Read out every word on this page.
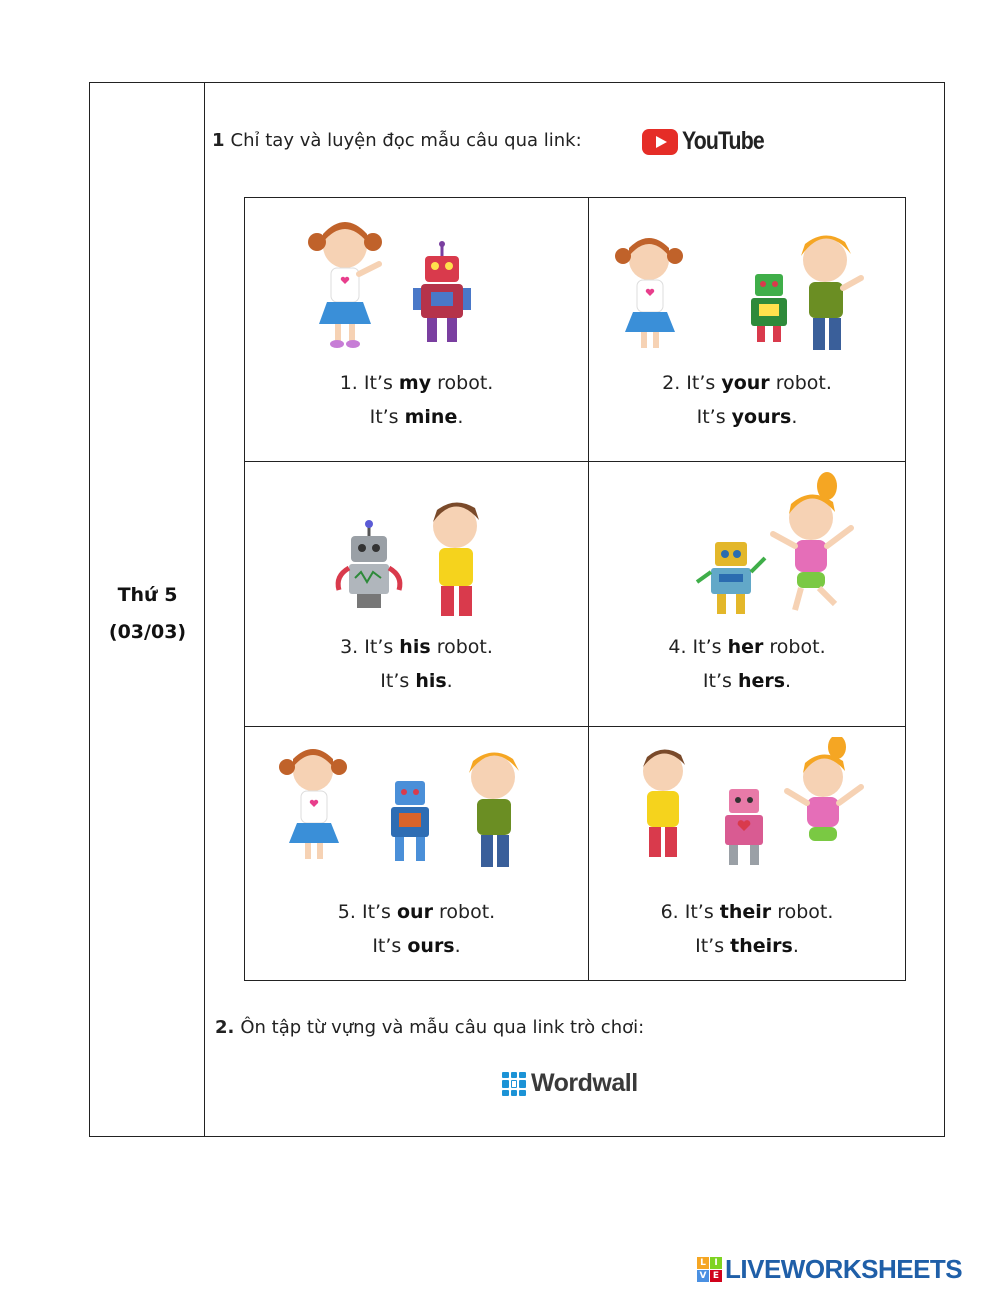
Thứ 5
(03/03)
1 Chỉ tay và luyện đọc mẫu câu qua link:	YouTube
1. It’s my robot.
It’s mine.
2. It’s your robot.
It’s yours.
3. It’s his robot.
It’s his.
4. It’s her robot.
It’s hers.
5. It’s our robot.
It’s ours.
6. It’s their robot.
It’s theirs.
2. Ôn tập từ vựng và mẫu câu qua link trò chơi:
Wordwall
L I
V E LIVEWORKSHEETS
